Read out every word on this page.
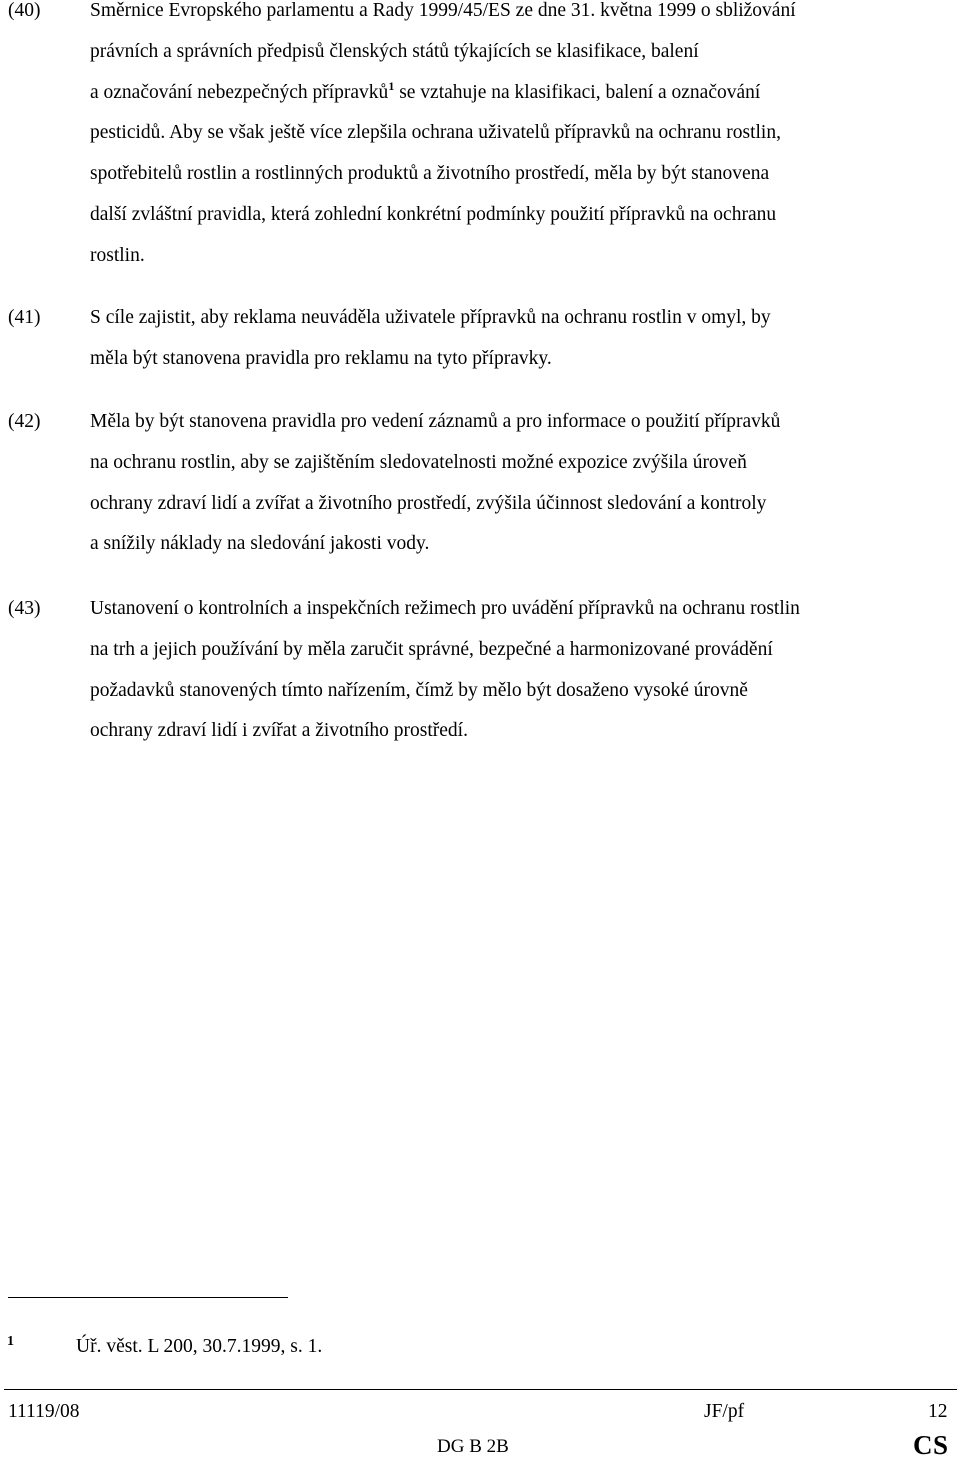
(40)	Směrnice Evropského parlamentu a Rady 1999/45/ES ze dne 31. května 1999 o sbližování
právních a správních předpisů členských států týkajících se klasifikace, balení
a označování nebezpečných přípravků$^1$ se vztahuje na klasifikaci, balení a označování
pesticidů. Aby se však ještě více zlepšila ochrana uživatelů přípravků na ochranu rostlin,
spotřebitelů rostlin a rostlinných produktů a životního prostředí, měla by být stanovena
další zvláštní pravidla, která zohlední konkrétní podmínky použití přípravků na ochranu
rostlin.
(41)	S cíle zajistit, aby reklama neuváděla uživatele přípravků na ochranu rostlin v omyl, by
měla být stanovena pravidla pro reklamu na tyto přípravky.
(42)	Měla by být stanovena pravidla pro vedení záznamů a pro informace o použití přípravků
na ochranu rostlin, aby se zajištěním sledovatelnosti možné expozice zvýšila úroveň
ochrany zdraví lidí a zvířat a životního prostředí, zvýšila účinnost sledování a kontroly
a snížily náklady na sledování jakosti vody.
(43)	Ustanovení o kontrolních a inspekčních režimech pro uvádění přípravků na ochranu rostlin
na trh a jejich používání by měla zaručit správné, bezpečné a harmonizované provádění
požadavků stanovených tímto nařízením, čímž by mělo být dosaženo vysoké úrovně
ochrany zdraví lidí i zvířat a životního prostředí.
1	Úř. věst. L 200, 30.7.1999, s. 1.
11119/08	JF/pf	12
DG B 2B	CS
